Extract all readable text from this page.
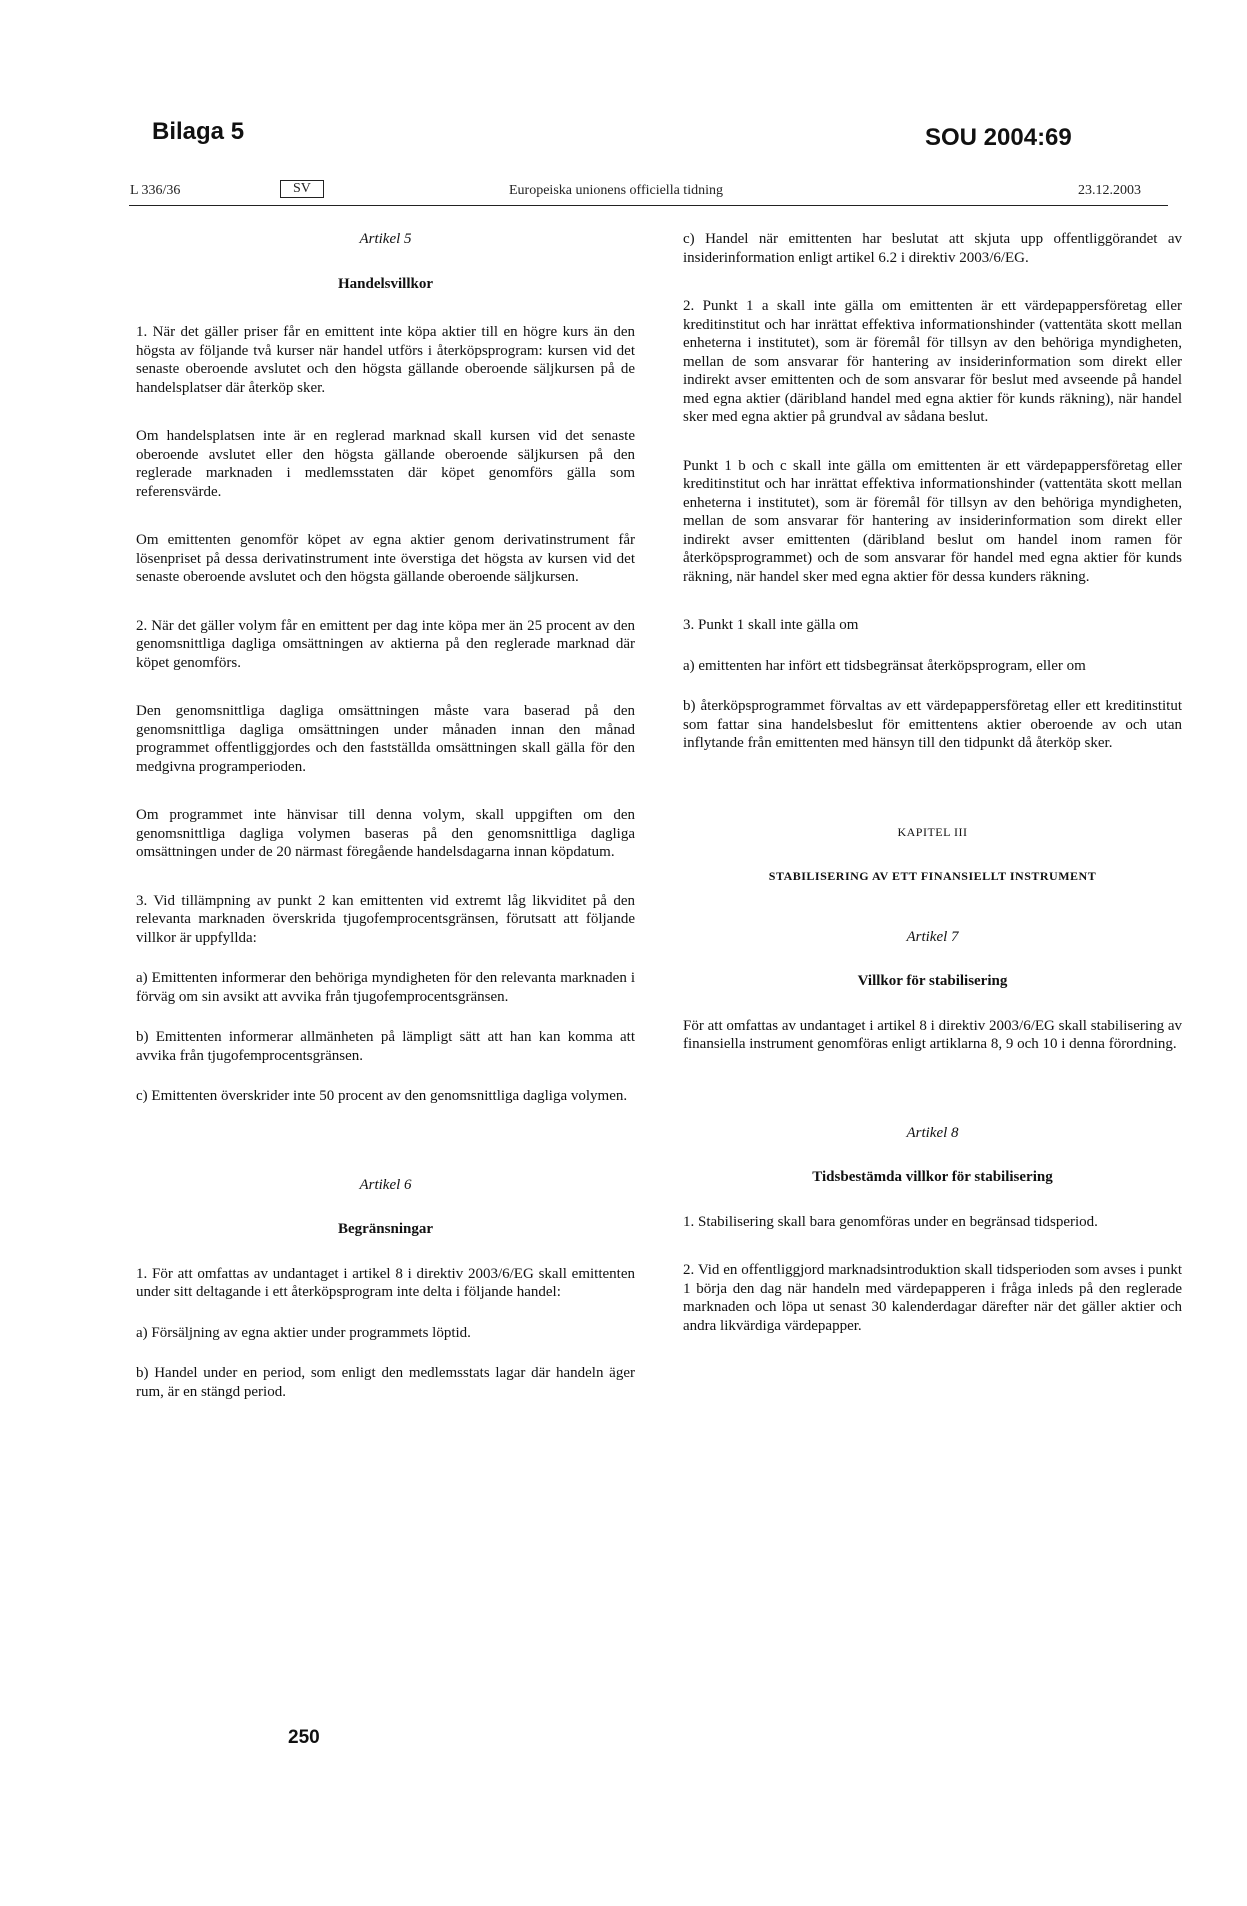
Bilaga 5	SOU 2004:69
L 336/36	SV	Europeiska unionens officiella tidning	23.12.2003

Artikel 5

Handelsvillkor

1. När det gäller priser får en emittent inte köpa aktier till en högre kurs än den högsta av följande två kurser när handel utförs i återköpsprogram: kursen vid det senaste oberoende avslutet och den högsta gällande oberoende säljkursen på de handelsplatser där återköp sker.

Om handelsplatsen inte är en reglerad marknad skall kursen vid det senaste oberoende avslutet eller den högsta gällande oberoende säljkursen på den reglerade marknaden i medlemsstaten där köpet genomförs gälla som referensvärde.

Om emittenten genomför köpet av egna aktier genom derivatinstrument får lösenpriset på dessa derivatinstrument inte överstiga det högsta av kursen vid det senaste oberoende avslutet och den högsta gällande oberoende säljkursen.

2. När det gäller volym får en emittent per dag inte köpa mer än 25 procent av den genomsnittliga dagliga omsättningen av aktierna på den reglerade marknad där köpet genomförs.

Den genomsnittliga dagliga omsättningen måste vara baserad på den genomsnittliga dagliga omsättningen under månaden innan den månad programmet offentliggjordes och den fastställda omsättningen skall gälla för den medgivna programperioden.

Om programmet inte hänvisar till denna volym, skall uppgiften om den genomsnittliga dagliga volymen baseras på den genomsnittliga dagliga omsättningen under de 20 närmast föregående handelsdagarna innan köpdatum.

3. Vid tillämpning av punkt 2 kan emittenten vid extremt låg likviditet på den relevanta marknaden överskrida tjugofemprocentsgränsen, förutsatt att följande villkor är uppfyllda:

a) Emittenten informerar den behöriga myndigheten för den relevanta marknaden i förväg om sin avsikt att avvika från tjugofemprocentsgränsen.

b) Emittenten informerar allmänheten på lämpligt sätt att han kan komma att avvika från tjugofemprocentsgränsen.

c) Emittenten överskrider inte 50 procent av den genomsnittliga dagliga volymen.

Artikel 6

Begränsningar

1. För att omfattas av undantaget i artikel 8 i direktiv 2003/6/EG skall emittenten under sitt deltagande i ett återköpsprogram inte delta i följande handel:

a) Försäljning av egna aktier under programmets löptid.

b) Handel under en period, som enligt den medlemsstats lagar där handeln äger rum, är en stängd period.

c) Handel när emittenten har beslutat att skjuta upp offentliggörandet av insiderinformation enligt artikel 6.2 i direktiv 2003/6/EG.

2. Punkt 1 a skall inte gälla om emittenten är ett värdepappersföretag eller kreditinstitut och har inrättat effektiva informationshinder (vattentäta skott mellan enheterna i institutet), som är föremål för tillsyn av den behöriga myndigheten, mellan de som ansvarar för hantering av insiderinformation som direkt eller indirekt avser emittenten och de som ansvarar för beslut med avseende på handel med egna aktier (däribland handel med egna aktier för kunds räkning), när handel sker med egna aktier på grundval av sådana beslut.

Punkt 1 b och c skall inte gälla om emittenten är ett värdepappersföretag eller kreditinstitut och har inrättat effektiva informationshinder (vattentäta skott mellan enheterna i institutet), som är föremål för tillsyn av den behöriga myndigheten, mellan de som ansvarar för hantering av insiderinformation som direkt eller indirekt avser emittenten (däribland beslut om handel inom ramen för återköpsprogrammet) och de som ansvarar för handel med egna aktier för kunds räkning, när handel sker med egna aktier för dessa kunders räkning.

3. Punkt 1 skall inte gälla om

a) emittenten har infört ett tidsbegränsat återköpsprogram, eller om

b) återköpsprogrammet förvaltas av ett värdepappersföretag eller ett kreditinstitut som fattar sina handelsbeslut för emittentens aktier oberoende av och utan inflytande från emittenten med hänsyn till den tidpunkt då återköp sker.

KAPITEL III

STABILISERING AV ETT FINANSIELLT INSTRUMENT

Artikel 7

Villkor för stabilisering

För att omfattas av undantaget i artikel 8 i direktiv 2003/6/EG skall stabilisering av finansiella instrument genomföras enligt artiklarna 8, 9 och 10 i denna förordning.

Artikel 8

Tidsbestämda villkor för stabilisering

1. Stabilisering skall bara genomföras under en begränsad tidsperiod.

2. Vid en offentliggjord marknadsintroduktion skall tidsperioden som avses i punkt 1 börja den dag när handeln med värdepapperen i fråga inleds på den reglerade marknaden och löpa ut senast 30 kalenderdagar därefter när det gäller aktier och andra likvärdiga värdepapper.

250
